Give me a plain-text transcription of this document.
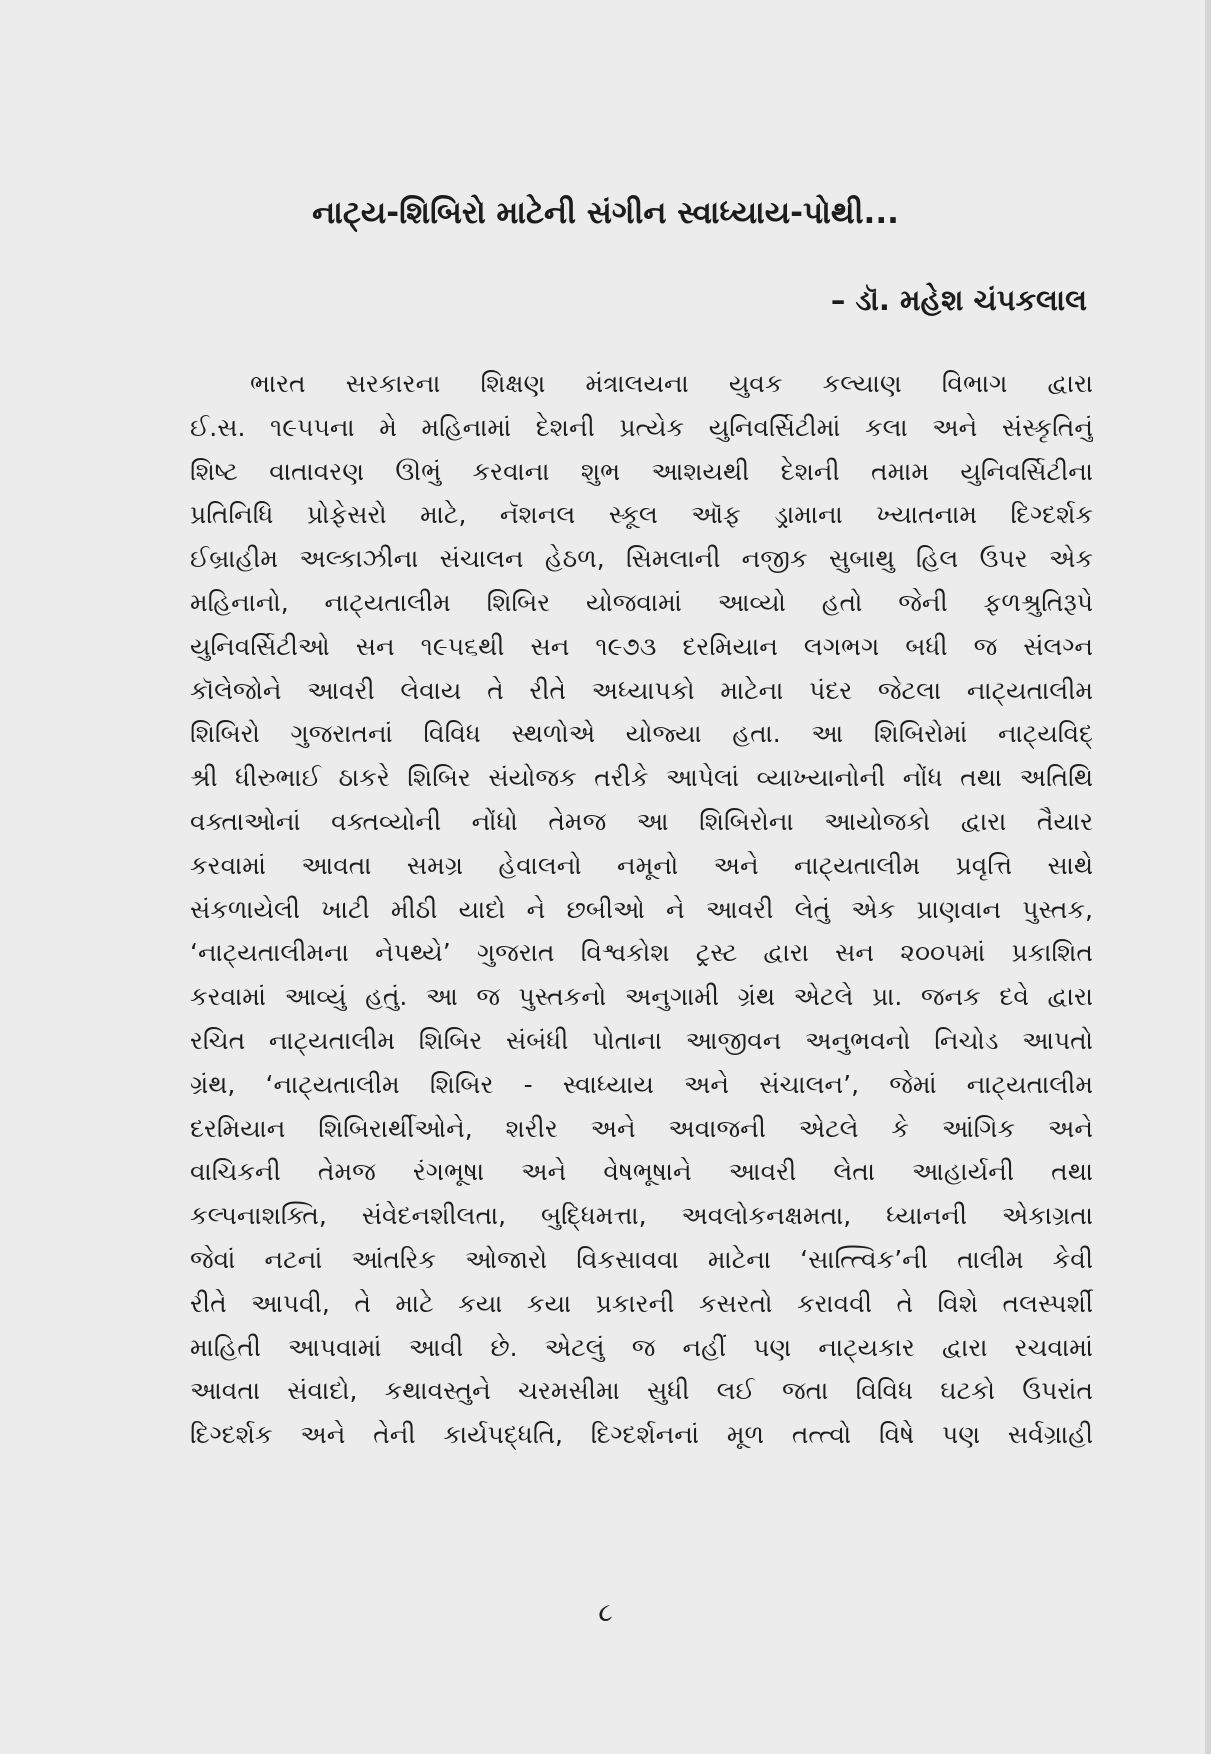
નાટ્ય-શિબિરો માટેની સંગીન સ્વાધ્યાય-પોથી...
– ડૉ. મહેશ ચંપકલાલ
ભારત સરકારના શિક્ષણ મંત્રાલયના યુવક કલ્યાણ વિભાગ દ્વારા
ઈ.સ. ૧૯૫૫ના મે મહિનામાં દેશની પ્રત્યેક યુનિવર્સિટીમાં કલા અને સંસ્કૃતિનું
શિષ્ટ વાતાવરણ ઊભું કરવાના શુભ આશયથી દેશની તમામ યુનિવર્સિટીના
પ્રતિનિધિ પ્રોફેસરો માટે, નૅશનલ સ્કૂલ ઑફ ડ્રામાના ખ્યાતનામ દિગ્દર્શક
ઈબ્રાહીમ અલ્કાઝીના સંચાલન હેઠળ, સિમલાની નજીક સુબાથુ હિલ ઉપર એક
મહિનાનો, નાટ્યતાલીમ શિબિર યોજવામાં આવ્યો હતો જેની ફળશ્રુતિરૂપે
યુનિવર્સિટીઓ સન ૧૯૫૬થી સન ૧૯૭૩ દરમિયાન લગભગ બધી જ સંલગ્ન
કૉલેજોને આવરી લેવાય તે રીતે અધ્યાપકો માટેના પંદર જેટલા નાટ્યતાલીમ
શિબિરો ગુજરાતનાં વિવિધ સ્થળોએ યોજ્યા હતા. આ શિબિરોમાં નાટ્યવિદ્
શ્રી ધીરુભાઈ ઠાકરે શિબિર સંયોજક તરીકે આપેલાં વ્યાખ્યાનોની નોંધ તથા અતિથિ
વક્તાઓનાં વક્તવ્યોની નોંધો તેમજ આ શિબિરોના આયોજકો દ્વારા તૈયાર
કરવામાં આવતા સમગ્ર હેવાલનો નમૂનો અને નાટ્યતાલીમ પ્રવૃત્તિ સાથે
સંકળાયેલી ખાટી મીઠી યાદો ને છબીઓ ને આવરી લેતું એક પ્રાણવાન પુસ્તક,
‘નાટ્યતાલીમના નેપથ્યે’ ગુજરાત વિશ્વકોશ ટ્રસ્ટ દ્વારા સન ૨૦૦૫માં પ્રકાશિત
કરવામાં આવ્યું હતું. આ જ પુસ્તકનો અનુગામી ગ્રંથ એટલે પ્રા. જનક દવે દ્વારા
રચિત નાટ્યતાલીમ શિબિર સંબંધી પોતાના આજીવન અનુભવનો નિચોડ આપતો
ગ્રંથ, ‘નાટ્યતાલીમ શિબિર - સ્વાધ્યાય અને સંચાલન’, જેમાં નાટ્યતાલીમ
દરમિયાન શિબિરાર્થીઓને, શરીર અને અવાજની એટલે કે આંગિક અને
વાચિકની તેમજ રંગભૂષા અને વેષભૂષાને આવરી લેતા આહાર્યની તથા
કલ્પનાશક્તિ, સંવેદનશીલતા, બુદ્ધિમત્તા, અવલોકનક્ષમતા, ધ્યાનની એકાગ્રતા
જેવાં નટનાં આંતરિક ઓજારો વિકસાવવા માટેના ‘સાત્ત્વિક’ની તાલીમ કેવી
રીતે આપવી, તે માટે કયા કયા પ્રકારની કસરતો કરાવવી તે વિશે તલસ્પર્શી
માહિતી આપવામાં આવી છે. એટલું જ નહીં પણ નાટ્યકાર દ્વારા રચવામાં
આવતા સંવાદો, કથાવસ્તુને ચરમસીમા સુધી લઈ જતા વિવિધ ઘટકો ઉપરાંત
દિગ્દર્શક અને તેની કાર્યપદ્ધતિ, દિગ્દર્શનનાં મૂળ તત્ત્વો વિષે પણ સર્વગ્રાહી
૮
